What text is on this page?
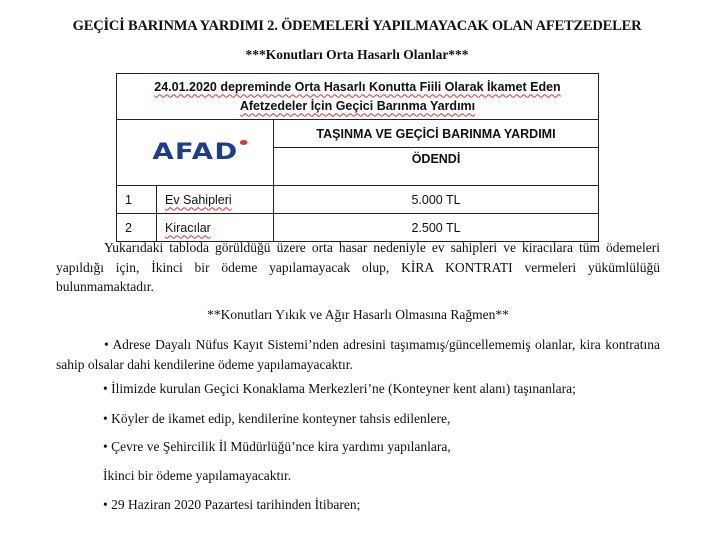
GEÇİCİ BARINMA YARDIMI 2. ÖDEMELERİ YAPILMAYACAK OLAN AFETZEDELER
***Konutları Orta Hasarlı Olanlar***
24.01.2020 depreminde Orta Hasarlı Konutta Fiili Olarak İkamet Eden
Afetzedeler İçin Geçici Barınma Yardımı		
AFAD		TAŞINMA VE GEÇİCİ BARINMA YARDIMI
		ÖDENDİ
1	Ev Sahipleri	5.000 TL
2	Kiracılar	2.500 TL
Yukarıdaki tabloda görüldüğü üzere orta hasar nedeniyle ev sahipleri ve kiracılara tüm ödemeleri yapıldığı için, İkinci bir ödeme yapılamayacak olup, KİRA KONTRATI vermeleri yükümlülüğü bulunmamaktadır.
**Konutları Yıkık ve Ağır Hasarlı Olmasına Rağmen**
• Adrese Dayalı Nüfus Kayıt Sistemi’nden adresini taşımamış/güncellememiş olanlar, kira kontratına sahip olsalar dahi kendilerine ödeme yapılamayacaktır.
• İlimizde kurulan Geçici Konaklama Merkezleri’ne (Konteyner kent alanı) taşınanlara;
• Köyler de ikamet edip, kendilerine konteyner tahsis edilenlere,
• Çevre ve Şehircilik İl Müdürlüğü’nce kira yardımı yapılanlara,
İkinci bir ödeme yapılamayacaktır.
• 29 Haziran 2020 Pazartesi tarihinden İtibaren;
